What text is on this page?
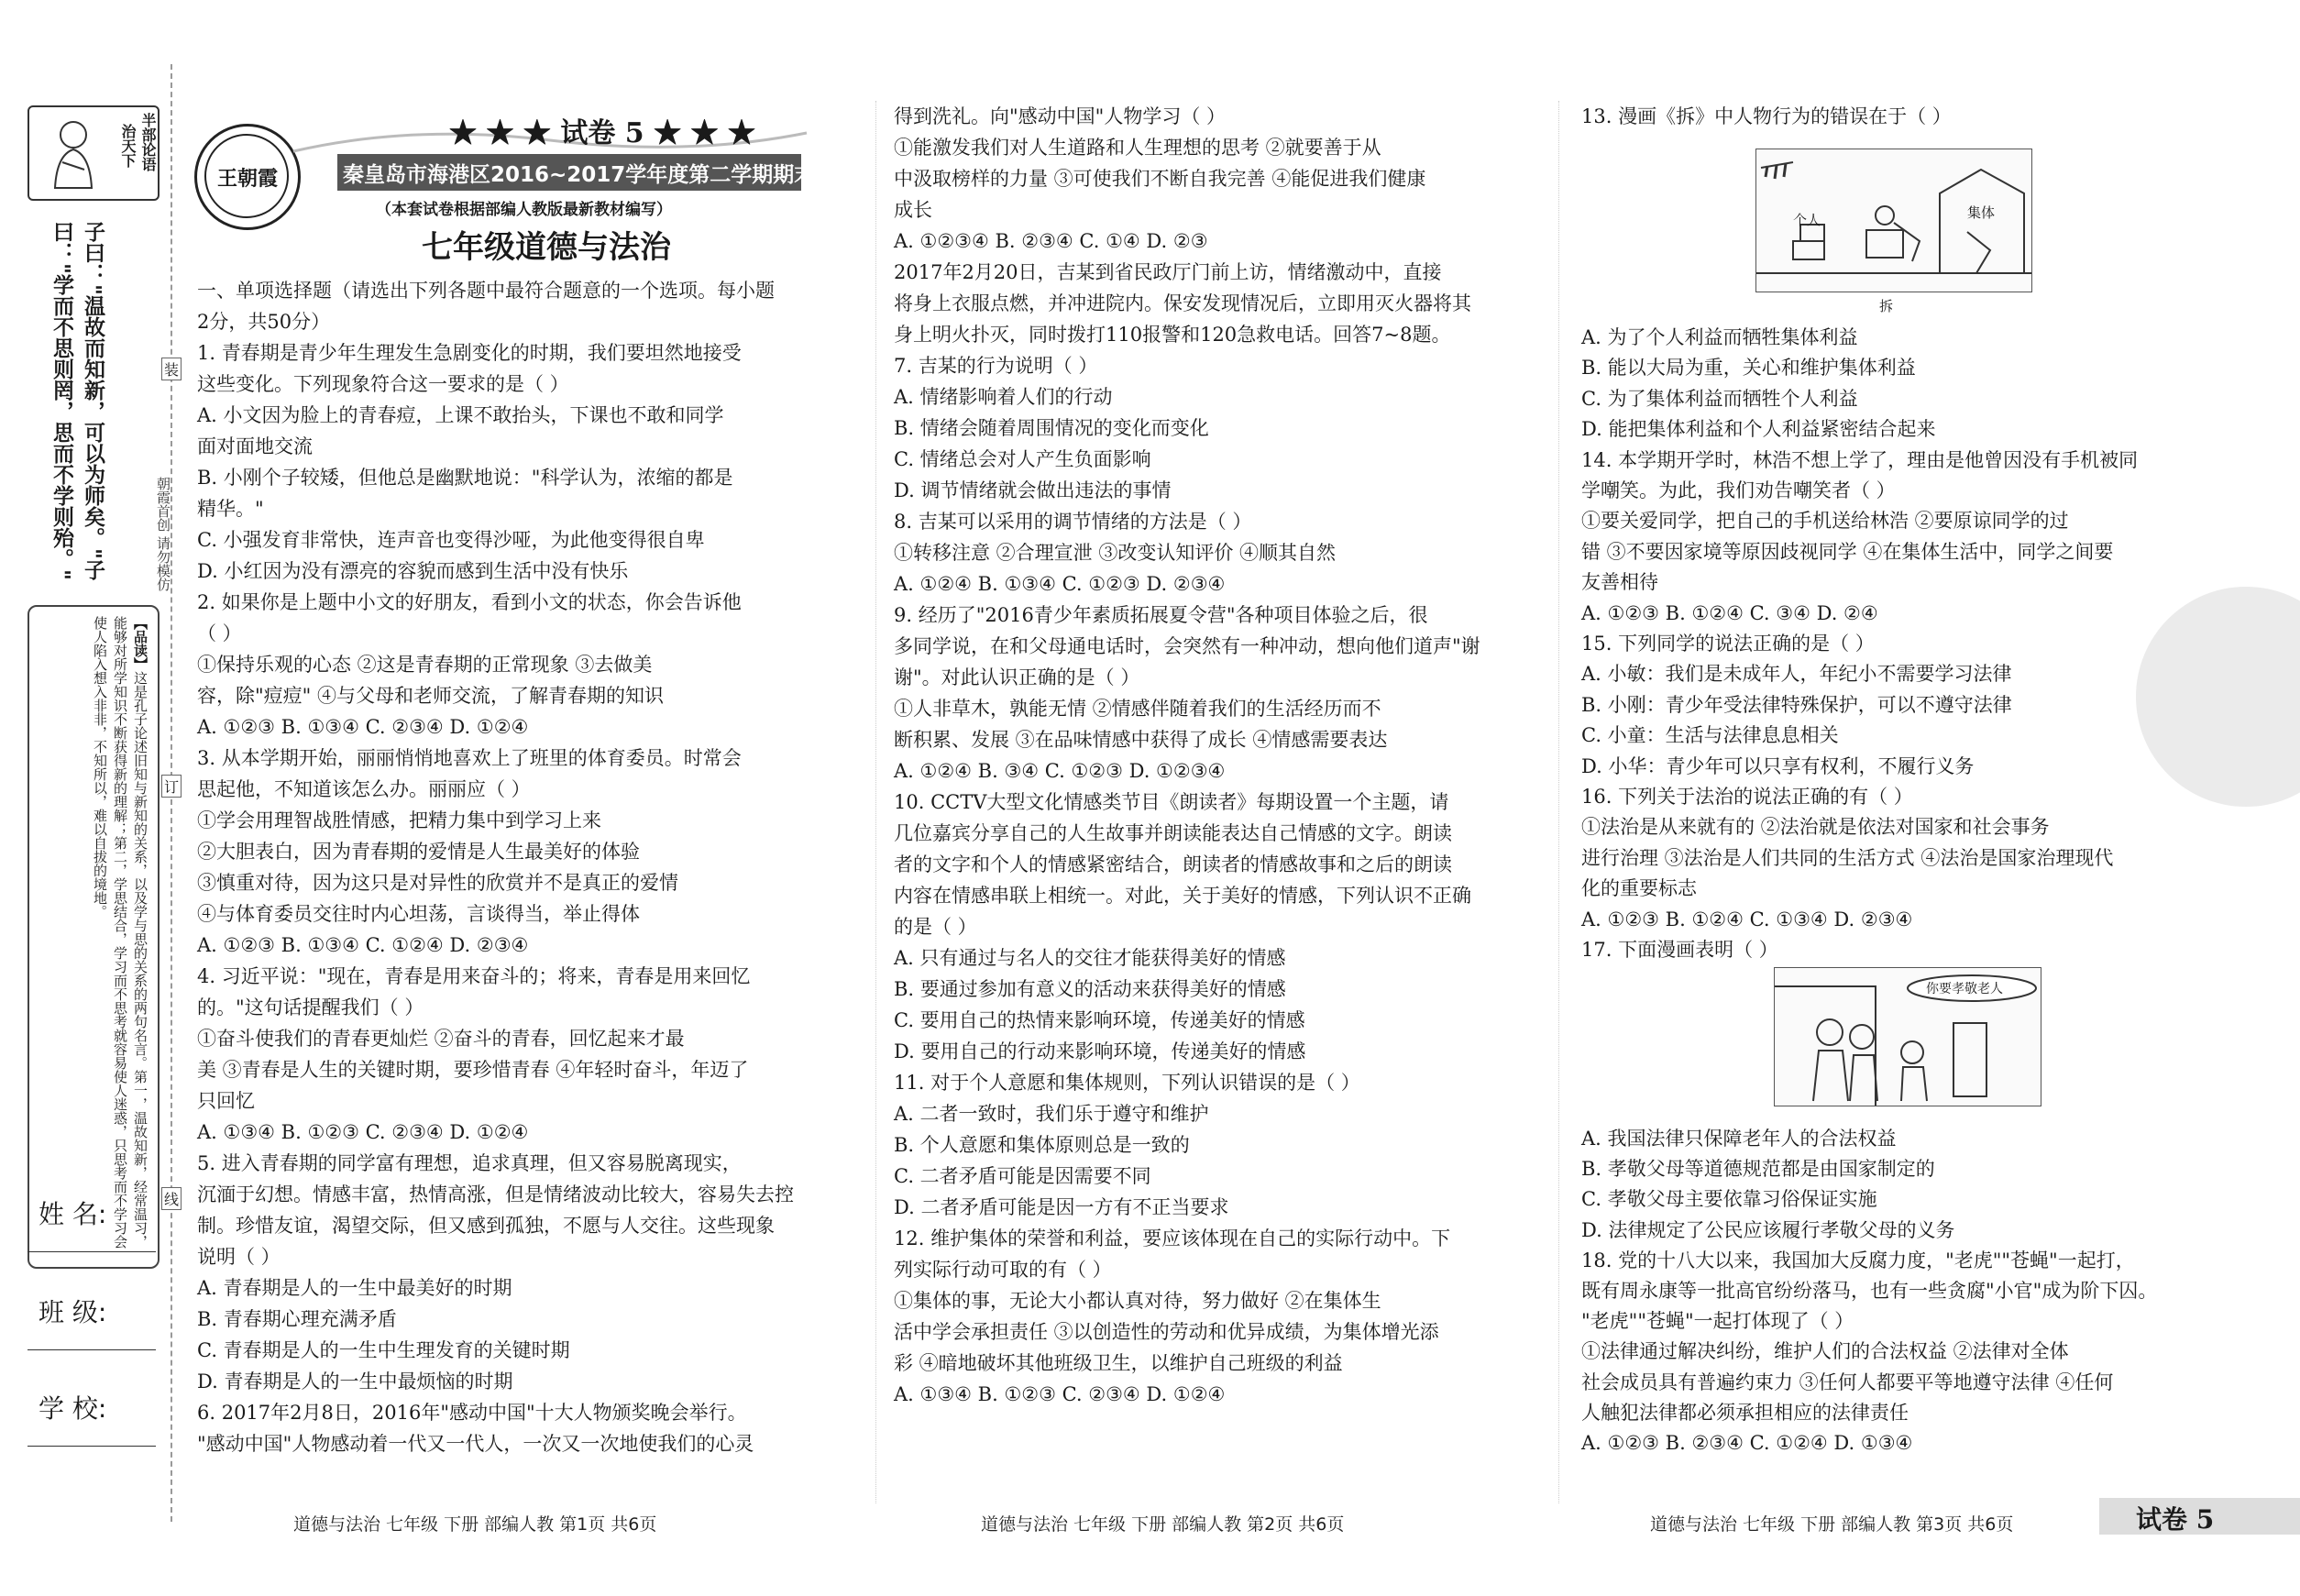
半部论语
治天下
子曰："温故而知新，可以为师矣。"子曰："学而不思则罔，思而不学则殆。"
【品读】这是孔子论述旧知与新知的关系，以及学与思的关系的两句名言。第一，温故知新，经常温习，能够对所学知识不断获得新的理解；第二，学思结合，学习而不思考就容易使人迷惑，只思考而不学习会使人陷入想入非非，不知所以，难以自拔的境地。
姓 名:
班 级:
学 校:
装
订
线
朝霞首创 请勿模仿
王朝霞
★ ★ ★ 试卷 5 ★ ★ ★
秦皇岛市海港区2016~2017学年度第二学期期末质量检测试卷
（本套试卷根据部编人教版最新教材编写）
七年级道德与法治
一、单项选择题（请选出下列各题中最符合题意的一个选项。每小题
2分，共50分）
1. 青春期是青少年生理发生急剧变化的时期，我们要坦然地接受
这些变化。下列现象符合这一要求的是（ ）
A. 小文因为脸上的青春痘，上课不敢抬头，下课也不敢和同学
面对面地交流
B. 小刚个子较矮，但他总是幽默地说："科学认为，浓缩的都是
精华。"
C. 小强发育非常快，连声音也变得沙哑，为此他变得很自卑
D. 小红因为没有漂亮的容貌而感到生活中没有快乐
2. 如果你是上题中小文的好朋友，看到小文的状态，你会告诉他
（ ）
①保持乐观的心态 ②这是青春期的正常现象 ③去做美
容，除"痘痘" ④与父母和老师交流，了解青春期的知识
A. ①②③ B. ①③④ C. ②③④ D. ①②④
3. 从本学期开始，丽丽悄悄地喜欢上了班里的体育委员。时常会
思起他，不知道该怎么办。丽丽应（ ）
①学会用理智战胜情感，把精力集中到学习上来
②大胆表白，因为青春期的爱情是人生最美好的体验
③慎重对待，因为这只是对异性的欣赏并不是真正的爱情
④与体育委员交往时内心坦荡，言谈得当，举止得体
A. ①②③ B. ①③④ C. ①②④ D. ②③④
4. 习近平说："现在，青春是用来奋斗的；将来，青春是用来回忆
的。"这句话提醒我们（ ）
①奋斗使我们的青春更灿烂 ②奋斗的青春，回忆起来才最
美 ③青春是人生的关键时期，要珍惜青春 ④年轻时奋斗，年迈了
只回忆
A. ①③④ B. ①②③ C. ②③④ D. ①②④
5. 进入青春期的同学富有理想，追求真理，但又容易脱离现实，
沉湎于幻想。情感丰富，热情高涨，但是情绪波动比较大，容易失去控
制。珍惜友谊，渴望交际，但又感到孤独，不愿与人交往。这些现象
说明（ ）
A. 青春期是人的一生中最美好的时期
B. 青春期心理充满矛盾
C. 青春期是人的一生中生理发育的关键时期
D. 青春期是人的一生中最烦恼的时期
6. 2017年2月8日，2016年"感动中国"十大人物颁奖晚会举行。
"感动中国"人物感动着一代又一代人，一次又一次地使我们的心灵
得到洗礼。向"感动中国"人物学习（ ）
①能激发我们对人生道路和人生理想的思考 ②就要善于从
中汲取榜样的力量 ③可使我们不断自我完善 ④能促进我们健康
成长
A. ①②③④ B. ②③④ C. ①④ D. ②③
2017年2月20日，吉某到省民政厅门前上访，情绪激动中，直接
将身上衣服点燃，并冲进院内。保安发现情况后，立即用灭火器将其
身上明火扑灭，同时拨打110报警和120急救电话。回答7~8题。
7. 吉某的行为说明（ ）
A. 情绪影响着人们的行动
B. 情绪会随着周围情况的变化而变化
C. 情绪总会对人产生负面影响
D. 调节情绪就会做出违法的事情
8. 吉某可以采用的调节情绪的方法是（ ）
①转移注意 ②合理宣泄 ③改变认知评价 ④顺其自然
A. ①②④ B. ①③④ C. ①②③ D. ②③④
9. 经历了"2016青少年素质拓展夏令营"各种项目体验之后，很
多同学说，在和父母通电话时，会突然有一种冲动，想向他们道声"谢
谢"。对此认识正确的是（ ）
①人非草木，孰能无情 ②情感伴随着我们的生活经历而不
断积累、发展 ③在品味情感中获得了成长 ④情感需要表达
A. ①②④ B. ③④ C. ①②③ D. ①②③④
10. CCTV大型文化情感类节目《朗读者》每期设置一个主题，请
几位嘉宾分享自己的人生故事并朗读能表达自己情感的文字。朗读
者的文字和个人的情感紧密结合，朗读者的情感故事和之后的朗读
内容在情感串联上相统一。对此，关于美好的情感，下列认识不正确
的是（ ）
A. 只有通过与名人的交往才能获得美好的情感
B. 要通过参加有意义的活动来获得美好的情感
C. 要用自己的热情来影响环境，传递美好的情感
D. 要用自己的行动来影响环境，传递美好的情感
11. 对于个人意愿和集体规则，下列认识错误的是（ ）
A. 二者一致时，我们乐于遵守和维护
B. 个人意愿和集体原则总是一致的
C. 二者矛盾可能是因需要不同
D. 二者矛盾可能是因一方有不正当要求
12. 维护集体的荣誉和利益，要应该体现在自己的实际行动中。下
列实际行动可取的有（ ）
①集体的事，无论大小都认真对待，努力做好 ②在集体生
活中学会承担责任 ③以创造性的劳动和优异成绩，为集体增光添
彩 ④暗地破坏其他班级卫生，以维护自己班级的利益
A. ①③④ B. ①②③ C. ②③④ D. ①②④
13. 漫画《拆》中人物行为的错误在于（ ）
个人	集体
拆
A. 为了个人利益而牺牲集体利益
B. 能以大局为重，关心和维护集体利益
C. 为了集体利益而牺牲个人利益
D. 能把集体利益和个人利益紧密结合起来
14. 本学期开学时，林浩不想上学了，理由是他曾因没有手机被同
学嘲笑。为此，我们劝告嘲笑者（ ）
①要关爱同学，把自己的手机送给林浩 ②要原谅同学的过
错 ③不要因家境等原因歧视同学 ④在集体生活中，同学之间要
友善相待
A. ①②③ B. ①②④ C. ③④ D. ②④
15. 下列同学的说法正确的是（ ）
A. 小敏：我们是未成年人，年纪小不需要学习法律
B. 小刚：青少年受法律特殊保护，可以不遵守法律
C. 小童：生活与法律息息相关
D. 小华：青少年可以只享有权利，不履行义务
16. 下列关于法治的说法正确的有（ ）
①法治是从来就有的 ②法治就是依法对国家和社会事务
进行治理 ③法治是人们共同的生活方式 ④法治是国家治理现代
化的重要标志
A. ①②③ B. ①②④ C. ①③④ D. ②③④
17. 下面漫画表明（ ）
你要孝敬老人
A. 我国法律只保障老年人的合法权益
B. 孝敬父母等道德规范都是由国家制定的
C. 孝敬父母主要依靠习俗保证实施
D. 法律规定了公民应该履行孝敬父母的义务
18. 党的十八大以来，我国加大反腐力度，"老虎""苍蝇"一起打，
既有周永康等一批高官纷纷落马，也有一些贪腐"小官"成为阶下囚。
"老虎""苍蝇"一起打体现了（ ）
①法律通过解决纠纷，维护人们的合法权益 ②法律对全体
社会成员具有普遍约束力 ③任何人都要平等地遵守法律 ④任何
人触犯法律都必须承担相应的法律责任
A. ①②③ B. ②③④ C. ①②④ D. ①③④
道德与法治 七年级 下册 部编人教 第1页 共6页	道德与法治 七年级 下册 部编人教 第2页 共6页	道德与法治 七年级 下册 部编人教 第3页 共6页	试卷 5
